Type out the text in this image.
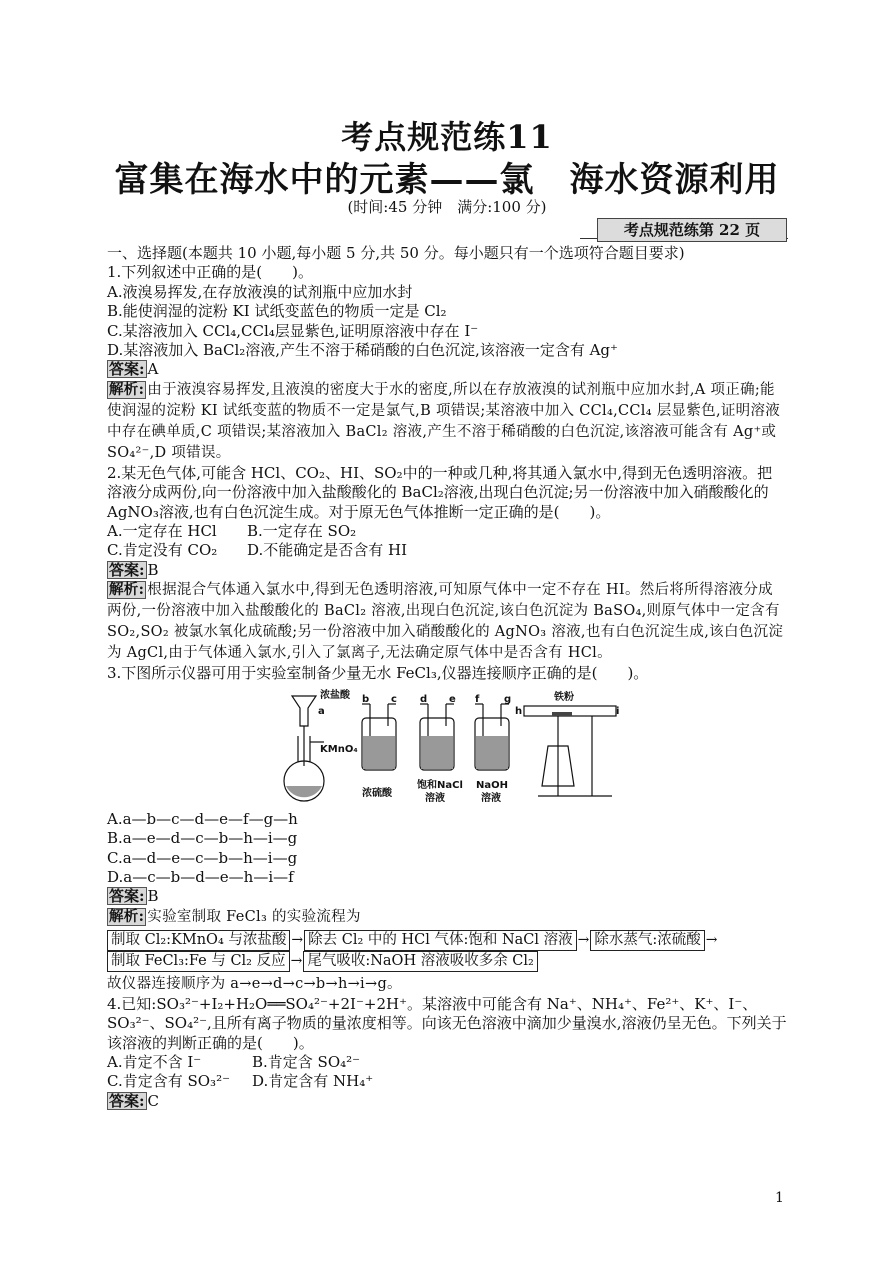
考点规范练11
富集在海水中的元素——氯　海水资源利用
(时间:45 分钟　满分:100 分)
考点规范练第 22 页

一、选择题(本题共 10 小题,每小题 5 分,共 50 分。每小题只有一个选项符合题目要求)

1.下列叙述中正确的是(　　)。

A.液溴易挥发,在存放液溴的试剂瓶中应加水封

B.能使润湿的淀粉 KI 试纸变蓝色的物质一定是 Cl₂

C.某溶液加入 CCl₄,CCl₄层显紫色,证明原溶液中存在 I⁻

D.某溶液加入 BaCl₂溶液,产生不溶于稀硝酸的白色沉淀,该溶液一定含有 Ag⁺

答案: A

解析: 由于液溴容易挥发,且液溴的密度大于水的密度,所以在存放液溴的试剂瓶中应加水封,A 项正确;能使润湿的淀粉 KI 试纸变蓝的物质不一定是氯气,B 项错误;某溶液中加入 CCl₄,CCl₄ 层显紫色,证明溶液中存在碘单质,C 项错误;某溶液加入 BaCl₂ 溶液,产生不溶于稀硝酸的白色沉淀,该溶液可能含有 Ag⁺或 SO₄²⁻,D 项错误。

2.某无色气体,可能含 HCl、CO₂、HI、SO₂中的一种或几种,将其通入氯水中,得到无色透明溶液。把溶液分成两份,向一份溶液中加入盐酸酸化的 BaCl₂溶液,出现白色沉淀;另一份溶液中加入硝酸酸化的 AgNO₃溶液,也有白色沉淀生成。对于原无色气体推断一定正确的是(　　)。

A.一定存在 HCl	B.一定存在 SO₂

C.肯定没有 CO₂	D.不能确定是否含有 HI

答案: B

解析: 根据混合气体通入氯水中,得到无色透明溶液,可知原气体中一定不存在 HI。然后将所得溶液分成两份,一份溶液中加入盐酸酸化的 BaCl₂ 溶液,出现白色沉淀,该白色沉淀为 BaSO₄,则原气体中一定含有 SO₂,SO₂ 被氯水氧化成硫酸;另一份溶液中加入硝酸酸化的 AgNO₃ 溶液,也有白色沉淀生成,该白色沉淀为 AgCl,由于气体通入氯水,引入了氯离子,无法确定原气体中是否含有 HCl。

3.下图所示仪器可用于实验室制备少量无水 FeCl₃,仪器连接顺序正确的是(　　)。

浓盐酸
a
KMnO₄
浓硫酸
饱和NaCl
溶液
NaOH
溶液
铁粉
b c d e f g
h	i

A.a—b—c—d—e—f—g—h

B.a—e—d—c—b—h—i—g

C.a—d—e—c—b—h—i—g

D.a—c—b—d—e—h—i—f

答案: B

解析: 实验室制取 FeCl₃ 的实验流程为

制取 Cl₂:KMnO₄ 与浓盐酸 → 除去 Cl₂ 中的 HCl 气体:饱和 NaCl 溶液 → 除水蒸气:浓硫酸 →
制取 FeCl₃:Fe 与 Cl₂ 反应 → 尾气吸收:NaOH 溶液吸收多余 Cl₂

故仪器连接顺序为 a→e→d→c→b→h→i→g。

4.已知:SO₃²⁻+I₂+H₂O══SO₄²⁻+2I⁻+2H⁺。某溶液中可能含有 Na⁺、NH₄⁺、Fe²⁺、K⁺、I⁻、SO₃²⁻、SO₄²⁻,且所有离子物质的量浓度相等。向该无色溶液中滴加少量溴水,溶液仍呈无色。下列关于该溶液的判断正确的是(　　)。

A.肯定不含 I⁻	B.肯定含 SO₄²⁻

C.肯定含有 SO₃²⁻	D.肯定含有 NH₄⁺

答案: C

1
